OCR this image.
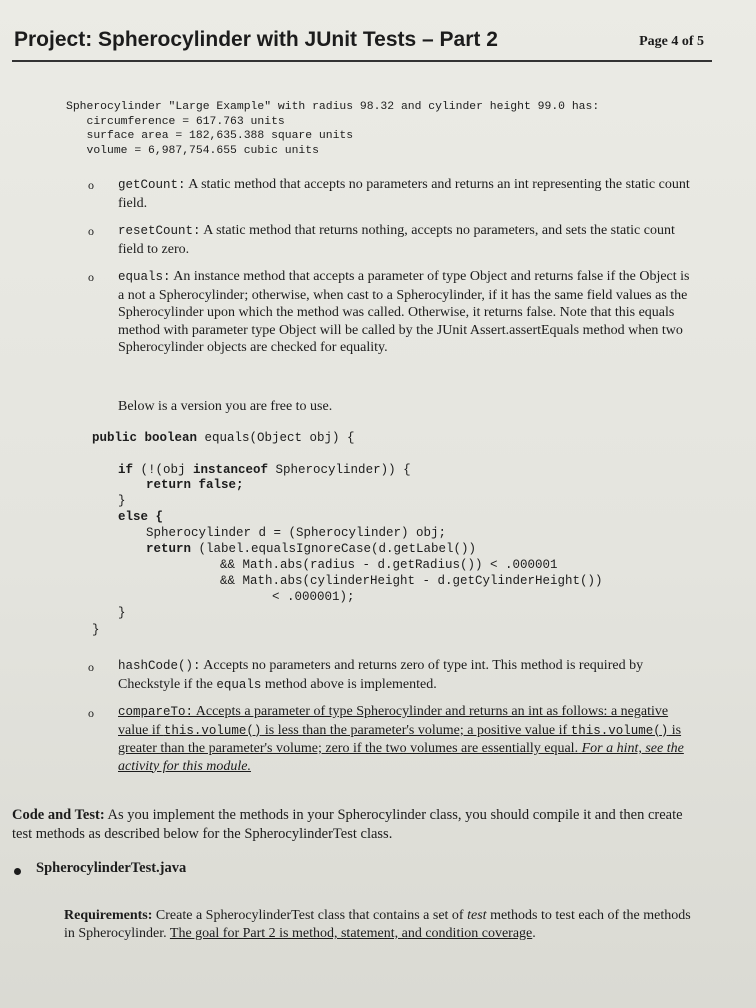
Project: Spherocylinder with JUnit Tests – Part 2	Page 4 of 5
Spherocylinder "Large Example" with radius 98.32 and cylinder height 99.0 has:
circumference = 617.763 units
surface area = 182,635.388 square units
volume = 6,987,754.655 cubic units
o getCount: A static method that accepts no parameters and returns an int representing the static count field.
o resetCount: A static method that returns nothing, accepts no parameters, and sets the static count field to zero.
o equals: An instance method that accepts a parameter of type Object and returns false if the Object is a not a Spherocylinder; otherwise, when cast to a Spherocylinder, if it has the same field values as the Spherocylinder upon which the method was called. Otherwise, it returns false. Note that this equals method with parameter type Object will be called by the JUnit Assert.assertEquals method when two Spherocylinder objects are checked for equality.
Below is a version you are free to use.
public boolean equals(Object obj) {
if (!(obj instanceof Spherocylinder)) {
return false;
}
else {
Spherocylinder d = (Spherocylinder) obj;
return (label.equalsIgnoreCase(d.getLabel())
&& Math.abs(radius - d.getRadius()) < .000001
&& Math.abs(cylinderHeight - d.getCylinderHeight())
< .000001);
}
}
o hashCode(): Accepts no parameters and returns zero of type int. This method is required by Checkstyle if the equals method above is implemented.
o compareTo: Accepts a parameter of type Spherocylinder and returns an int as follows: a negative value if this.volume() is less than the parameter's volume; a positive value if this.volume() is greater than the parameter's volume; zero if the two volumes are essentially equal. For a hint, see the activity for this module.
Code and Test: As you implement the methods in your Spherocylinder class, you should compile it and then create test methods as described below for the SpherocylinderTest class.
SpherocylinderTest.java
Requirements: Create a SpherocylinderTest class that contains a set of test methods to test each of the methods in Spherocylinder. The goal for Part 2 is method, statement, and condition coverage.
